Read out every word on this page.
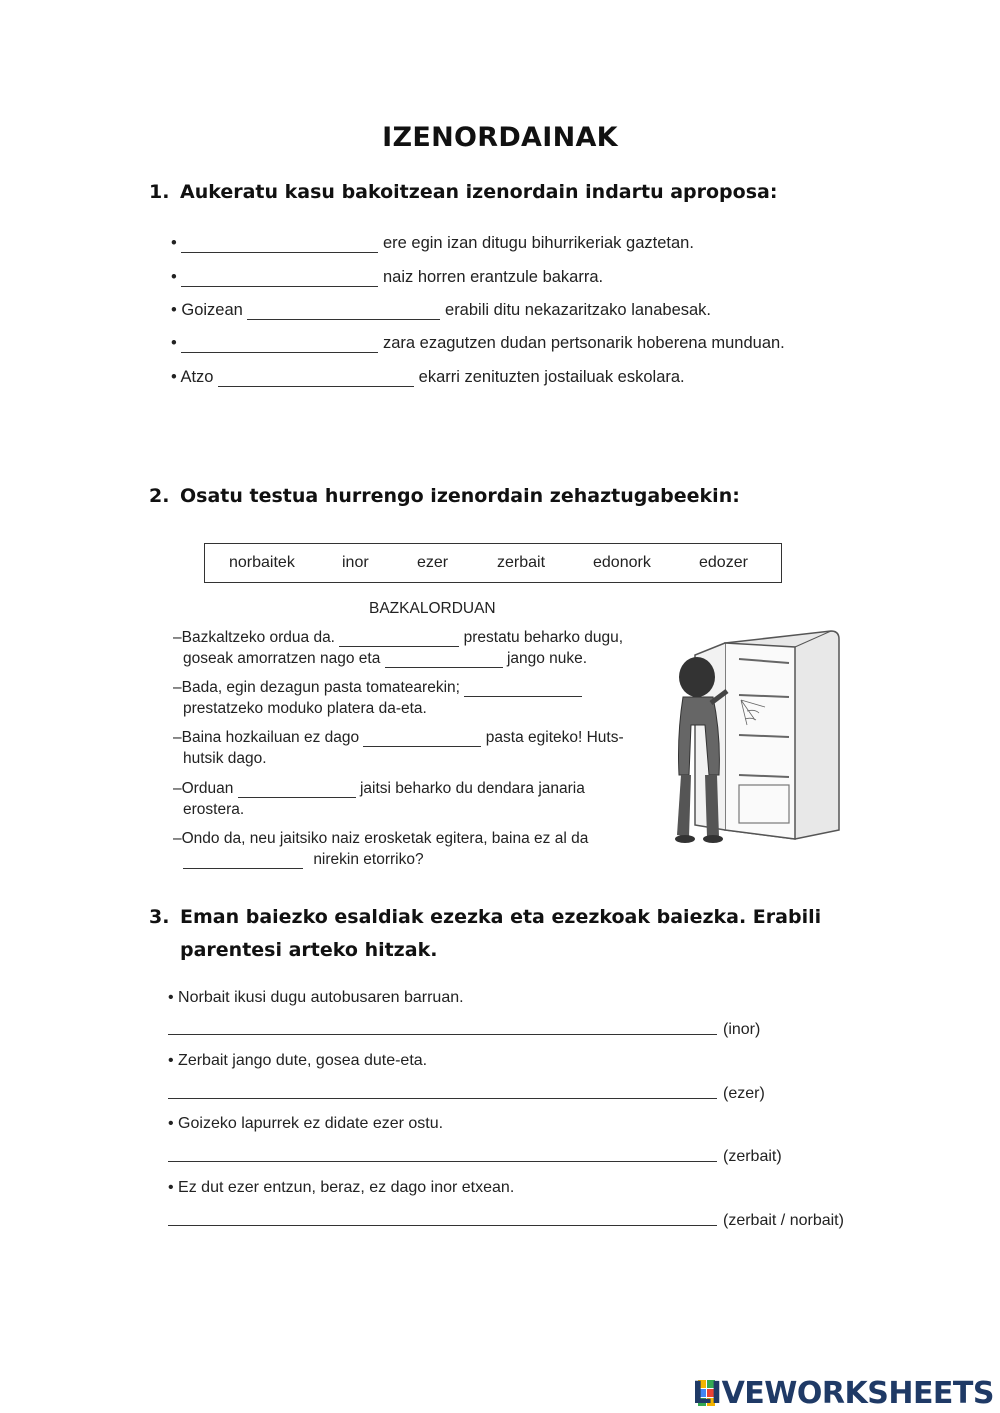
IZENORDAINAK
1. Aukeratu kasu bakoitzean izenordain indartu aproposa:
•	ere egin izan ditugu bihurrikeriak gaztetan.
•	naiz horren erantzule bakarra.
• Goizean	erabili ditu nekazaritzako lanabesak.
•	zara ezagutzen dudan pertsonarik hoberena munduan.
• Atzo	ekarri zenituzten jostailuak eskolara.
2. Osatu testua hurrengo izenordain zehaztugabeekin:
norbaitek	inor	ezer	zerbait	edonork	edozer
BAZKALORDUAN
–Bazkaltzeko ordua da.	prestatu beharko dugu,
goseak amorratzen nago eta	jango nuke.
–Bada, egin dezagun pasta tomatearekin;
prestatzeko moduko platera da-eta.
–Baina hozkailuan ez dago	pasta egiteko! Huts-
hutsik dago.
–Orduan	jaitsi beharko du dendara janaria
erostera.
–Ondo da, neu jaitsiko naiz erosketak egitera, baina ez al da
nirekin etorriko?
3. Eman baiezko esaldiak ezezka eta ezezkoak baiezka. Erabili parentesi arteko hitzak.
• Norbait ikusi dugu autobusaren barruan.
(inor)
• Zerbait jango dute, gosea dute-eta.
(ezer)
• Goizeko lapurrek ez didate ezer ostu.
(zerbait)
• Ez dut ezer entzun, beraz, ez dago inor etxean.
(zerbait / norbait)
LIVEWORKSHEETS
